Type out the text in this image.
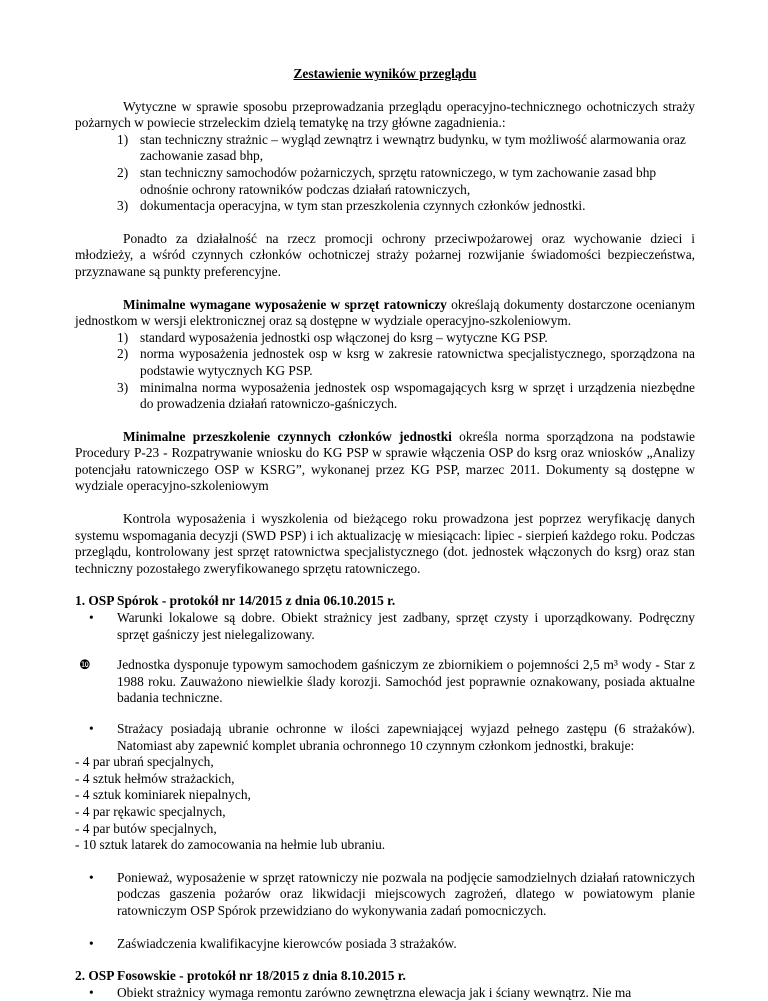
Zestawienie wyników przeglądu

Wytyczne w sprawie sposobu przeprowadzania przeglądu operacyjno-technicznego ochotniczych straży pożarnych w powiecie strzeleckim dzielą tematykę na trzy główne zagadnienia.:

1) stan techniczny strażnic – wygląd zewnątrz i wewnątrz budynku, w tym możliwość alarmowania oraz zachowanie zasad bhp,
2) stan techniczny samochodów pożarniczych, sprzętu ratowniczego, w tym zachowanie zasad bhp odnośnie ochrony ratowników podczas działań ratowniczych,
3) dokumentacja operacyjna, w tym stan przeszkolenia czynnych członków jednostki.

Ponadto za działalność na rzecz promocji ochrony przeciwpożarowej oraz wychowanie dzieci i młodzieży, a wśród czynnych członków ochotniczej straży pożarnej rozwijanie świadomości bezpieczeństwa, przyznawane są punkty preferencyjne.

Minimalne wymagane wyposażenie w sprzęt ratowniczy określają dokumenty dostarczone ocenianym jednostkom w wersji elektronicznej oraz są dostępne w wydziale operacyjno-szkoleniowym.

1) standard wyposażenia jednostki osp włączonej do ksrg – wytyczne KG PSP.
2) norma wyposażenia jednostek osp w ksrg w zakresie ratownictwa specjalistycznego, sporządzona na podstawie wytycznych KG PSP.
3) minimalna norma wyposażenia jednostek osp wspomagających ksrg w sprzęt i urządzenia niezbędne do prowadzenia działań ratowniczo-gaśniczych.

Minimalne przeszkolenie czynnych członków jednostki określa norma sporządzona na podstawie Procedury P-23 - Rozpatrywanie wniosku do KG PSP w sprawie włączenia OSP do ksrg oraz wniosków „Analizy potencjału ratowniczego OSP w KSRG”, wykonanej przez KG PSP, marzec 2011. Dokumenty są dostępne w wydziale operacyjno-szkoleniowym

Kontrola wyposażenia i wyszkolenia od bieżącego roku prowadzona jest poprzez weryfikację danych systemu wspomagania decyzji (SWD PSP) i ich aktualizację w miesiącach: lipiec - sierpień każdego roku. Podczas przeglądu, kontrolowany jest sprzęt ratownictwa specjalistycznego (dot. jednostek włączonych do ksrg) oraz stan techniczny pozostałego zweryfikowanego sprzętu ratowniczego.

1. OSP Spórok - protokół nr 14/2015 z dnia 06.10.2015 r.

• Warunki lokalowe są dobre. Obiekt strażnicy jest zadbany, sprzęt czysty i uporządkowany. Podręczny sprzęt gaśniczy jest nielegalizowany.
❿ Jednostka dysponuje typowym samochodem gaśniczym ze zbiornikiem o pojemności 2,5 m³ wody - Star z 1988 roku. Zauważono niewielkie ślady korozji. Samochód jest poprawnie oznakowany, posiada aktualne badania techniczne.
• Strażacy posiadają ubranie ochronne w ilości zapewniającej wyjazd pełnego zastępu (6 strażaków). Natomiast aby zapewnić komplet ubrania ochronnego 10 czynnym członkom jednostki, brakuje:

- 4 par ubrań specjalnych,

- 4 sztuk hełmów strażackich,

- 4 sztuk kominiarek niepalnych,

- 4 par rękawic specjalnych,

- 4 par butów specjalnych,

- 10 sztuk latarek do zamocowania na hełmie lub ubraniu.

• Ponieważ, wyposażenie w sprzęt ratowniczy nie pozwala na podjęcie samodzielnych działań ratowniczych podczas gaszenia pożarów oraz likwidacji miejscowych zagrożeń, dlatego w powiatowym planie ratowniczym OSP Spórok przewidziano do wykonywania zadań pomocniczych.
• Zaświadczenia kwalifikacyjne kierowców posiada 3 strażaków.

2. OSP Fosowskie - protokół nr 18/2015 z dnia 8.10.2015 r.

• Obiekt strażnicy wymaga remontu zarówno zewnętrzna elewacja jak i ściany wewnątrz. Nie ma
